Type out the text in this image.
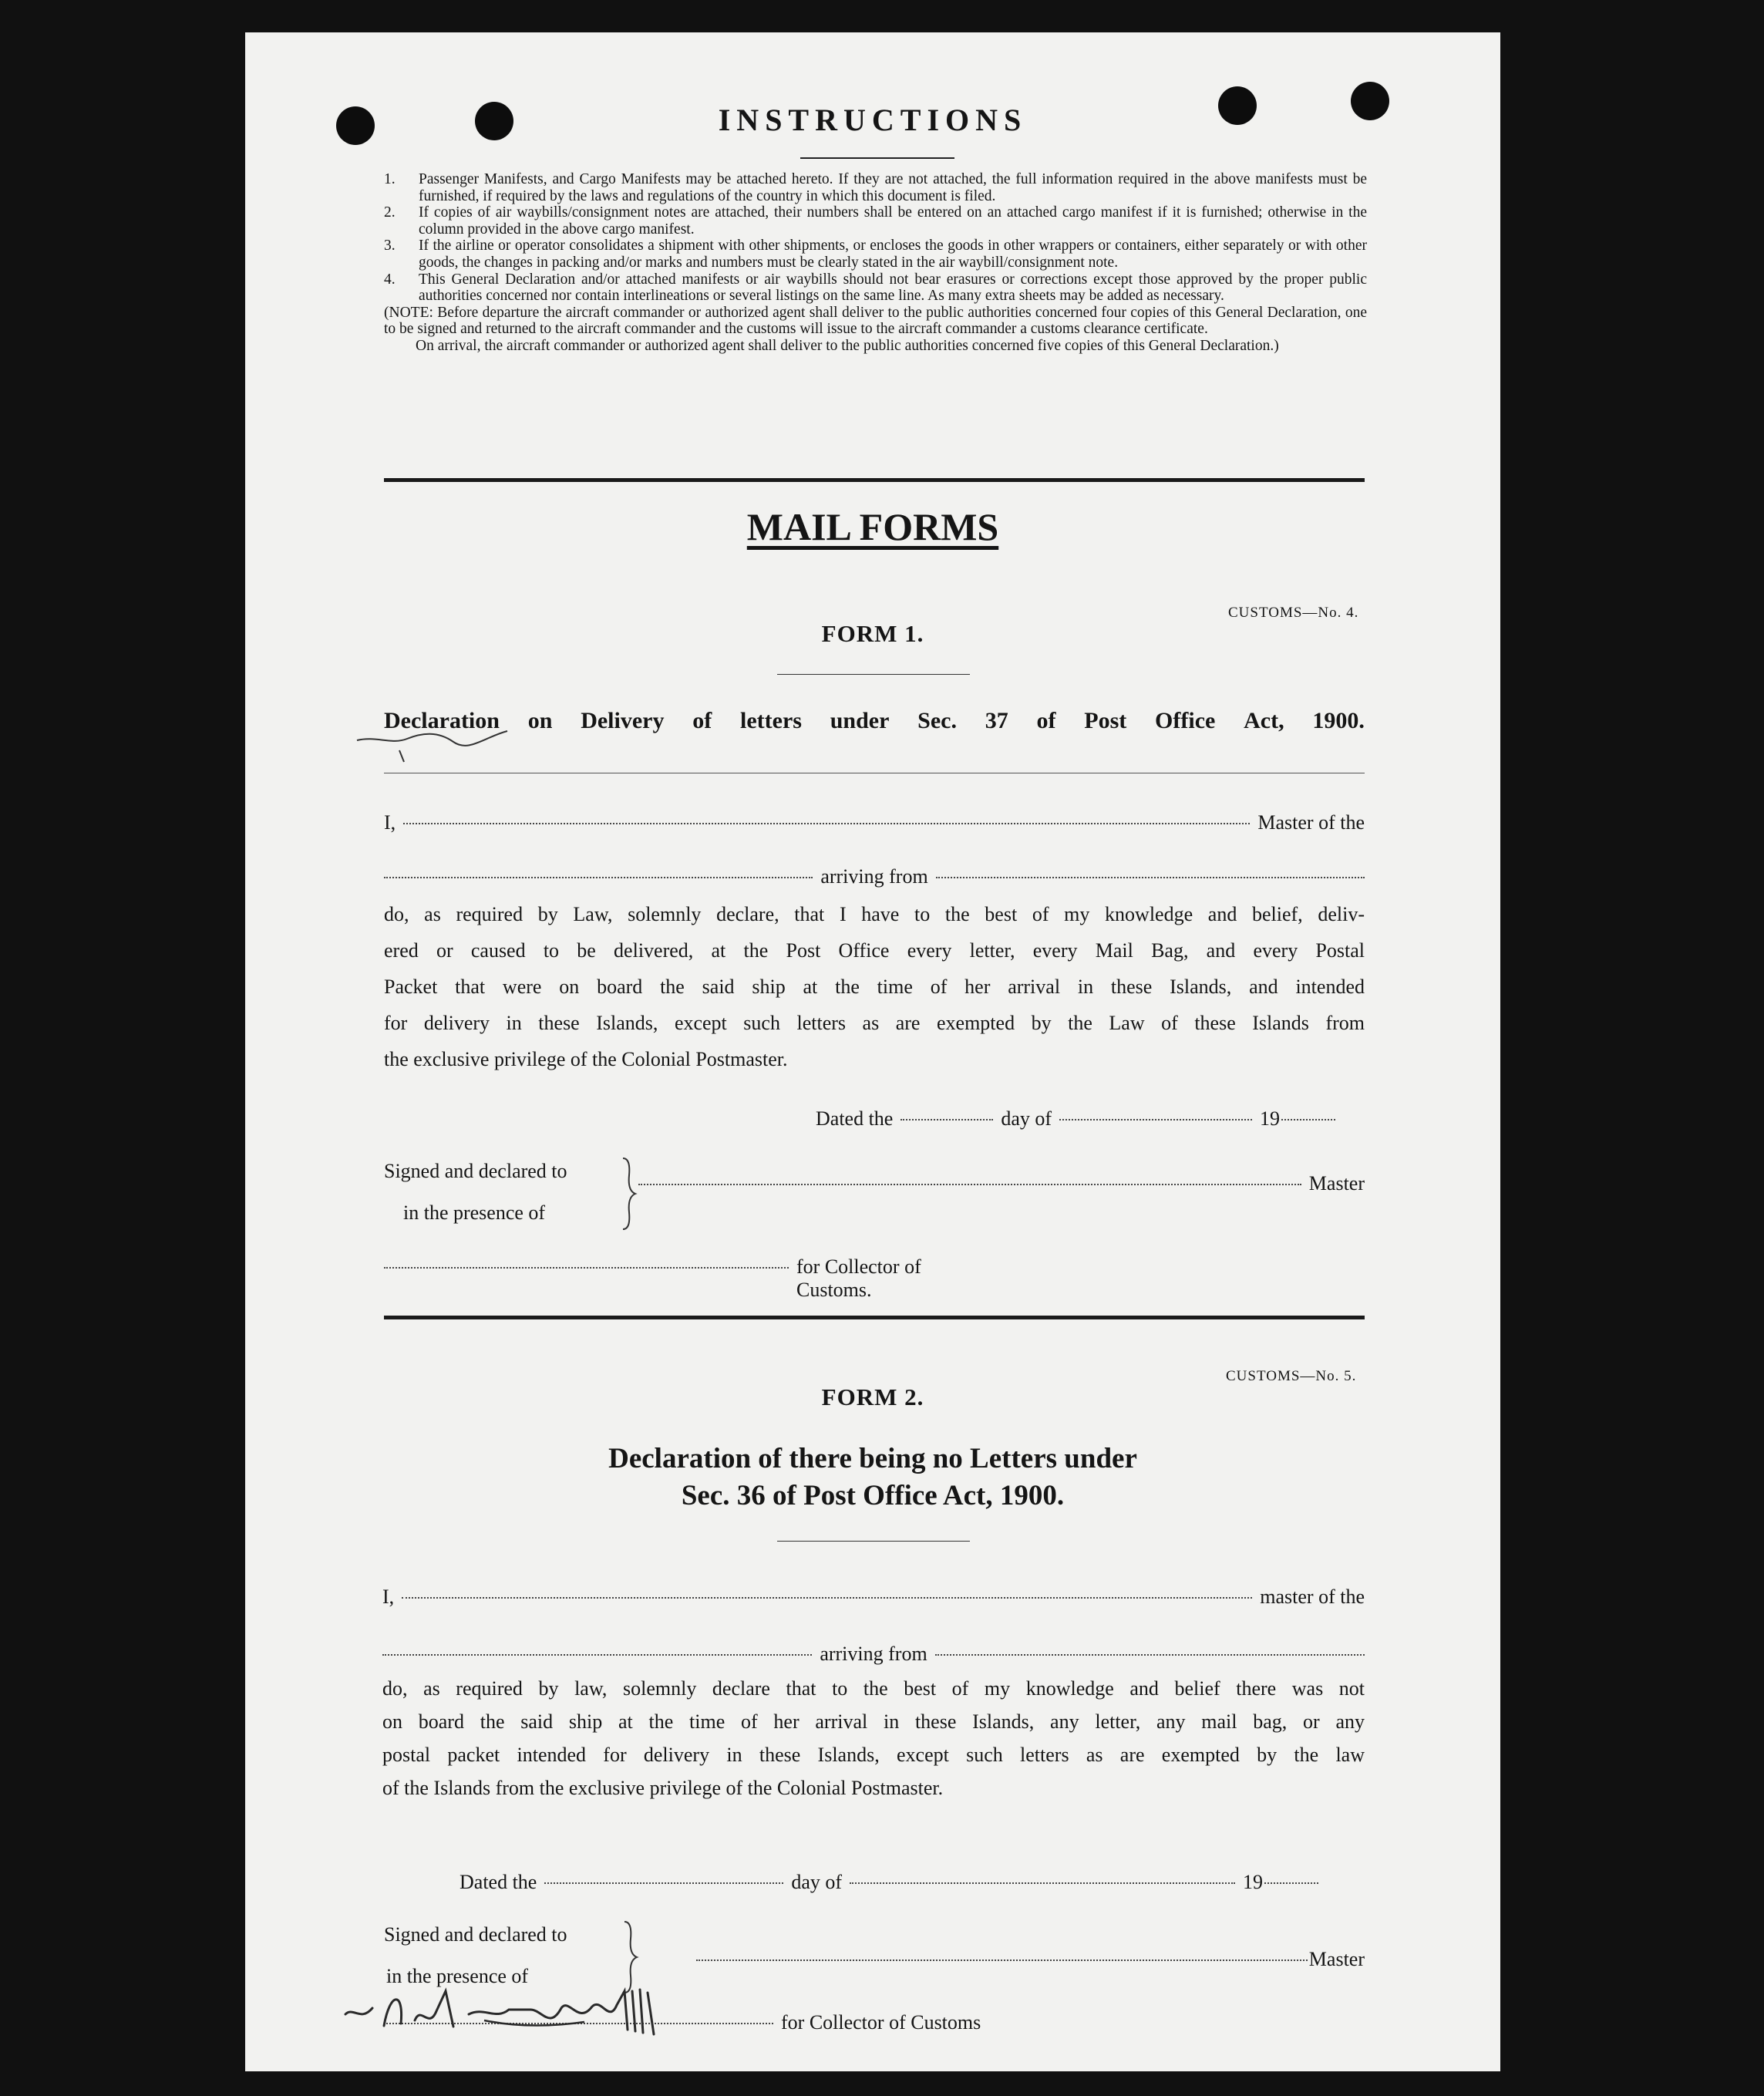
INSTRUCTIONS
1.	Passenger Manifests, and Cargo Manifests may be attached hereto. If they are not attached, the full information required in the above manifests must be furnished, if required by the laws and regulations of the country in which this document is filed.
2.	If copies of air waybills/consignment notes are attached, their numbers shall be entered on an attached cargo manifest if it is furnished; otherwise in the column provided in the above cargo manifest.
3.	If the airline or operator consolidates a shipment with other shipments, or encloses the goods in other wrappers or containers, either separately or with other goods, the changes in packing and/or marks and numbers must be clearly stated in the air waybill/consignment note.
4.	This General Declaration and/or attached manifests or air waybills should not bear erasures or corrections except those approved by the proper public authorities concerned nor contain interlineations or several listings on the same line. As many extra sheets may be added as necessary.
(NOTE: Before departure the aircraft commander or authorized agent shall deliver to the public authorities concerned four copies of this General Declaration, one to be signed and returned to the aircraft commander and the customs will issue to the aircraft commander a customs clearance certificate.
On arrival, the aircraft commander or authorized agent shall deliver to the public authorities concerned five copies of this General Declaration.)
MAIL FORMS
CUSTOMS—No. 4.
FORM 1.
Declaration on Delivery of letters under Sec. 37 of Post Office Act, 1900.
I,	Master of the
arriving from
do, as required by Law, solemnly declare, that I have to the best of my knowledge and belief, deliv-
ered or caused to be delivered, at the Post Office every letter, every Mail Bag, and every Postal
Packet that were on board the said ship at the time of her arrival in these Islands, and intended
for delivery in these Islands, except such letters as are exempted by the Law of these Islands from
the exclusive privilege of the Colonial Postmaster.
Dated the	day of	19
Signed and declared to
in the presence of
Master
for Collector of Customs.
CUSTOMS—No. 5.
FORM 2.
Declaration of there being no Letters under
Sec. 36 of Post Office Act, 1900.
I,	master of the
arriving from
do, as required by law, solemnly declare that to the best of my knowledge and belief there was not
on board the said ship at the time of her arrival in these Islands, any letter, any mail bag, or any
postal packet intended for delivery in these Islands, except such letters as are exempted by the law
of the Islands from the exclusive privilege of the Colonial Postmaster.
Dated the	day of	19
Signed and declared to
in the presence of
Master
for Collector of Customs
